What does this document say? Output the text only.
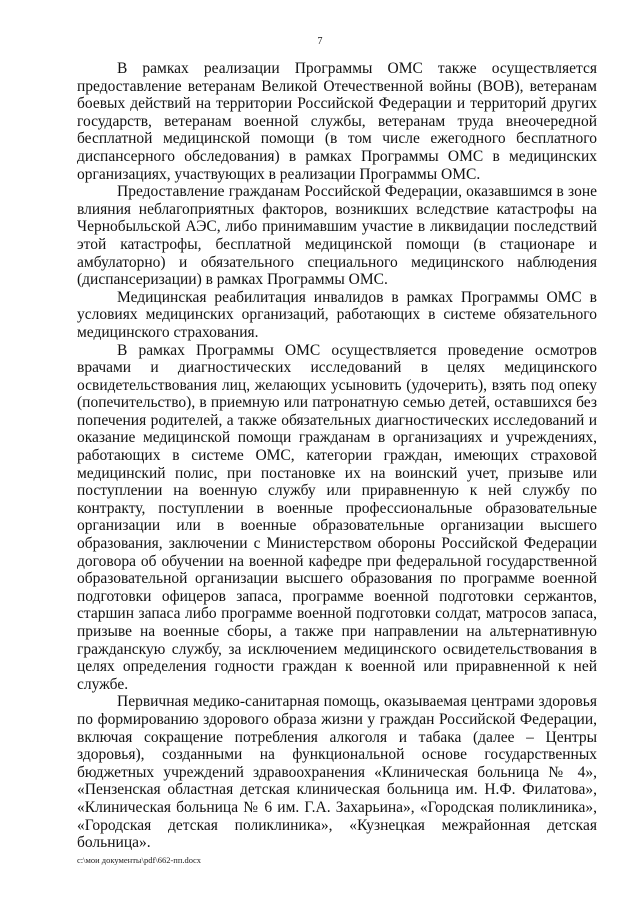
7

В рамках реализации Программы ОМС также осуществляется предоставление ветеранам Великой Отечественной войны (ВОВ), ветеранам боевых действий на территории Российской Федерации и территорий других государств, ветеранам военной службы, ветеранам труда внеочередной бесплатной медицинской помощи (в том числе ежегодного бесплатного диспансерного обследования) в рамках Программы ОМС в медицинских организациях, участвующих в реализации Программы ОМС.

Предоставление гражданам Российской Федерации, оказавшимся в зоне влияния неблагоприятных факторов, возникших вследствие катастрофы на Чернобыльской АЭС, либо принимавшим участие в ликвидации последствий этой катастрофы, бесплатной медицинской помощи (в стационаре и амбулаторно) и обязательного специального медицинского наблюдения (диспансеризации) в рамках Программы ОМС.

Медицинская реабилитация инвалидов в рамках Программы ОМС в условиях медицинских организаций, работающих в системе обязательного медицинского страхования.

В рамках Программы ОМС осуществляется проведение осмотров врачами и диагностических исследований в целях медицинского освидетельствования лиц, желающих усыновить (удочерить), взять под опеку (попечительство), в приемную или патронатную семью детей, оставшихся без попечения родителей, а также обязательных диагностических исследований и оказание медицинской помощи гражданам в организациях и учреждениях, работающих в системе ОМС, категории граждан, имеющих страховой медицинский полис, при постановке их на воинский учет, призыве или поступлении на военную службу или приравненную к ней службу по контракту, поступлении в военные профессиональные образовательные организации или в военные образовательные организации высшего образования, заключении с Министерством обороны Российской Федерации договора об обучении на военной кафедре при федеральной государственной образовательной организации высшего образования по программе военной подготовки офицеров запаса, программе военной подготовки сержантов, старшин запаса либо программе военной подготовки солдат, матросов запаса, призыве на военные сборы, а также при направлении на альтернативную гражданскую службу, за исключением медицинского освидетельствования в целях определения годности граждан к военной или приравненной к ней службе.

Первичная медико-санитарная помощь, оказываемая центрами здоровья по формированию здорового образа жизни у граждан Российской Федерации, включая сокращение потребления алкоголя и табака (далее – Центры здоровья), созданными на функциональной основе государственных бюджетных учреждений здравоохранения «Клиническая больница № 4», «Пензенская областная детская клиническая больница им. Н.Ф. Филатова», «Клиническая больница № 6 им. Г.А. Захарьина», «Городская поликлиника», «Городская детская поликлиника», «Кузнецкая межрайонная детская больница».

c:\мои документы\pdf\662-пп.docx
